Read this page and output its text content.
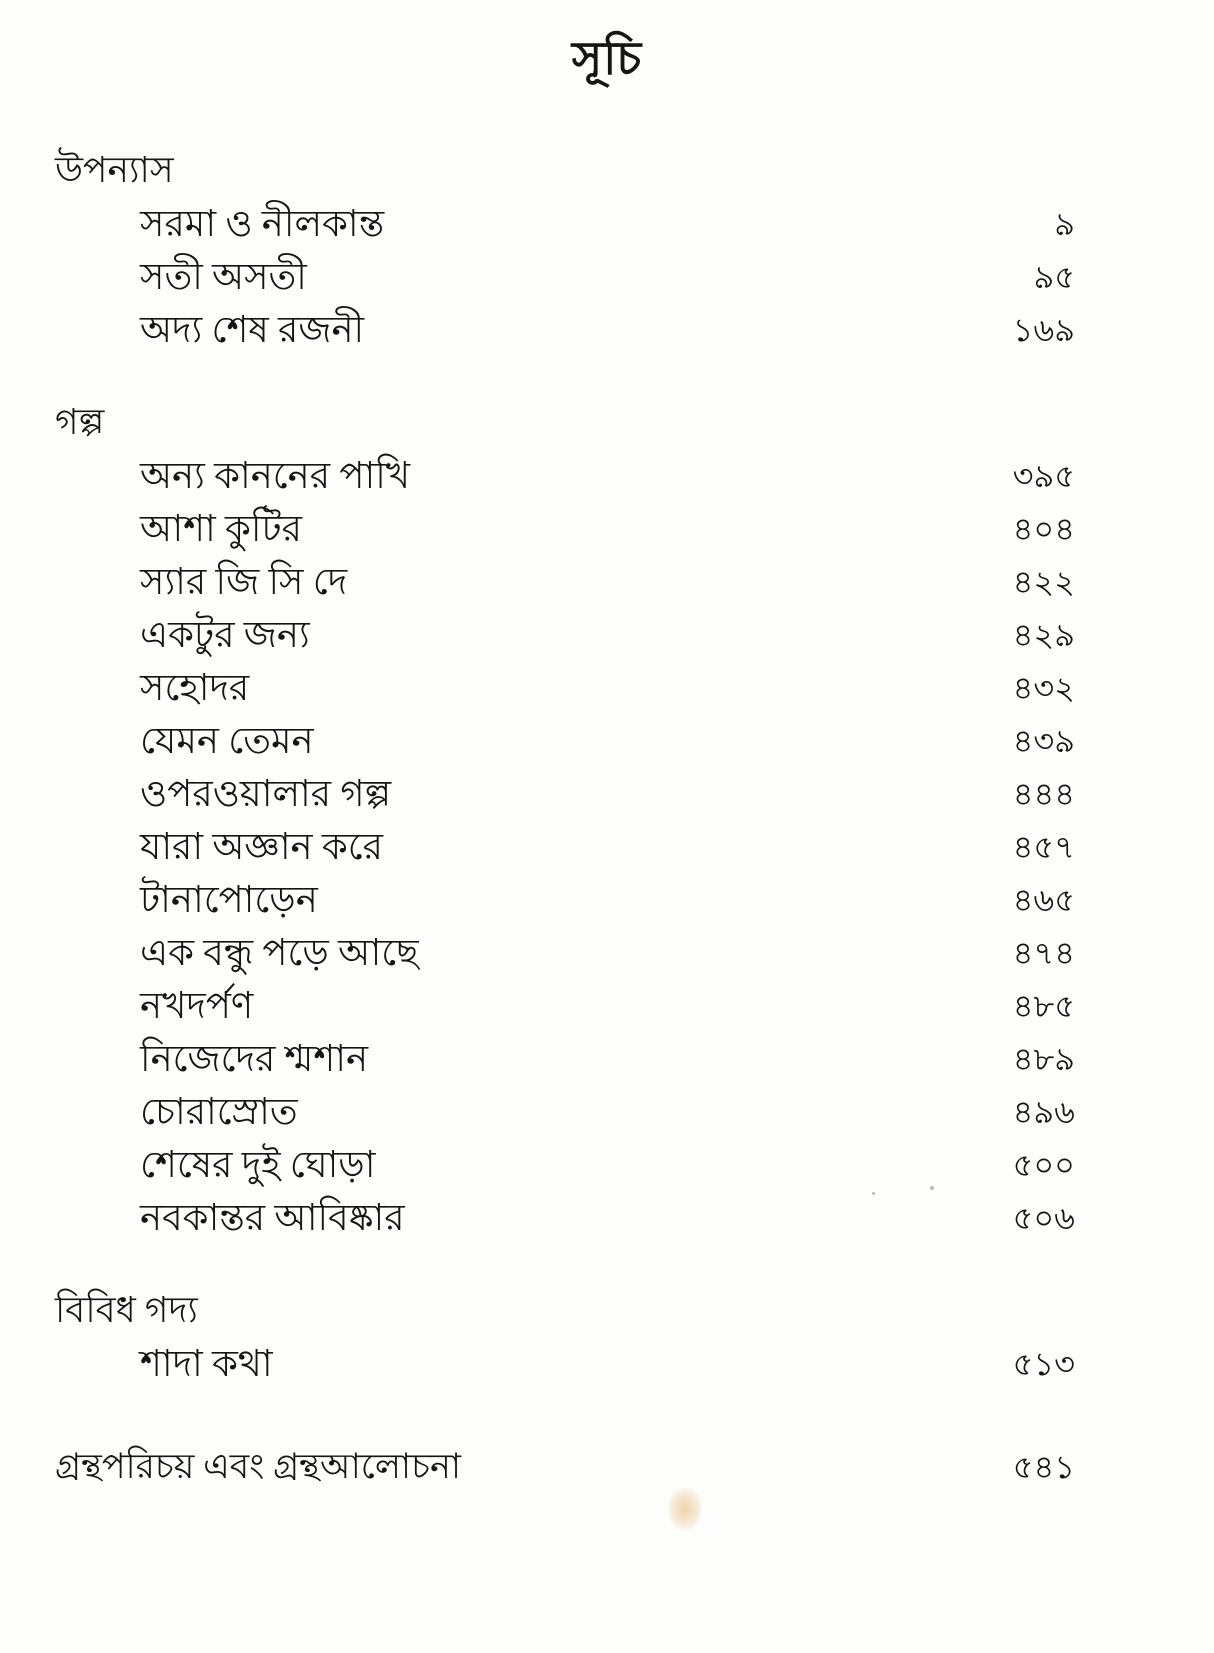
সূচি
উপন্যাস
সরমা ও নীলকান্ত	৯
সতী অসতী	৯৫
অদ্য শেষ রজনী	১৬৯
গল্প
অন্য কাননের পাখি	৩৯৫
আশা কুটির	৪০৪
স্যার জি সি দে	৪২২
একটুর জন্য	৪২৯
সহোদর	৪৩২
যেমন তেমন	৪৩৯
ওপরওয়ালার গল্প	৪৪৪
যারা অজ্ঞান করে	৪৫৭
টানাপোড়েন	৪৬৫
এক বন্ধু পড়ে আছে	৪৭৪
নখদর্পণ	৪৮৫
নিজেদের শ্মশান	৪৮৯
চোরাস্রোত	৪৯৬
শেষের দুই ঘোড়া	৫০০
নবকান্তর আবিষ্কার	৫০৬
বিবিধ গদ্য
শাদা কথা	৫১৩
গ্রন্থপরিচয় এবং গ্রন্থআলোচনা	৫৪১
